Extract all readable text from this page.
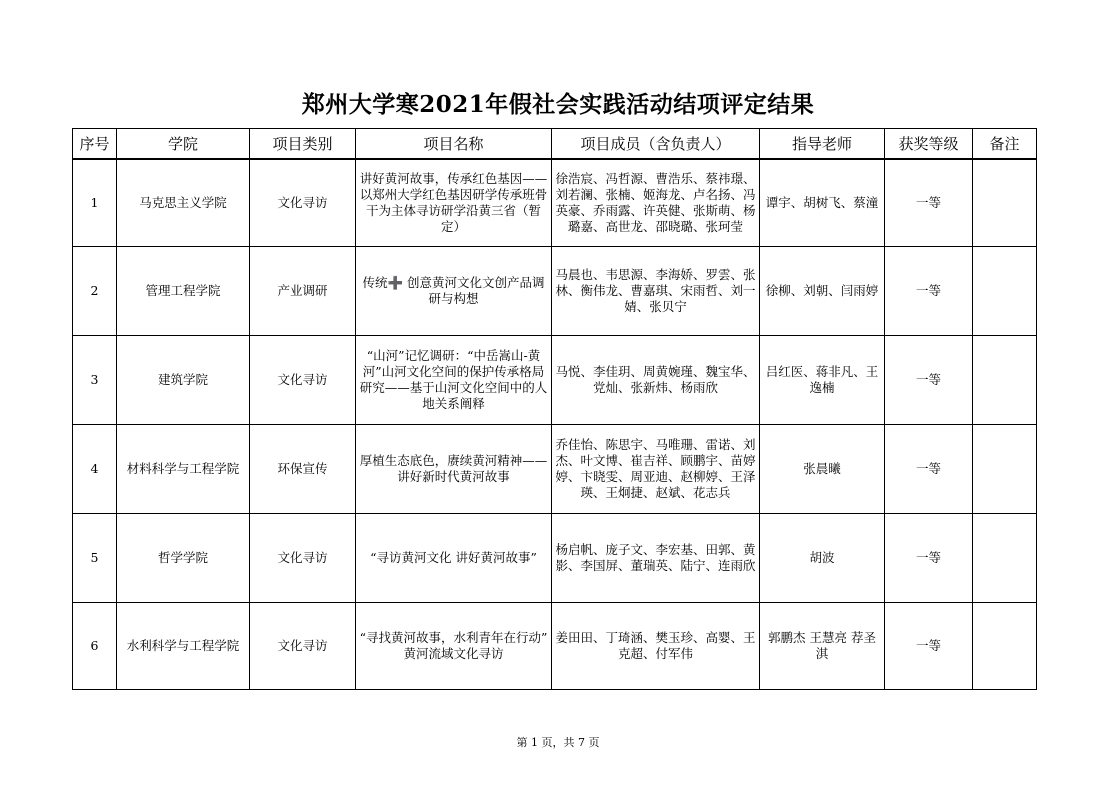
郑州大学寒2021年假社会实践活动结项评定结果
序号	学院	项目类别	项目名称	项目成员（含负责人）	指导老师	获奖等级	备注
1	马克思主义学院	文化寻访	讲好黄河故事，传承红色基因——以郑州大学红色基因研学传承班骨干为主体寻访研学沿黄三省（暂定）	徐浩宸、冯哲源、曹浩乐、蔡祎璟、刘若澜、张楠、姬海龙、卢名扬、冯英豪、乔雨露、许英健、张斯萌、杨璐嘉、高世龙、邵晓璐、张珂莹	谭宇、胡树飞、蔡潼	一等	
2	管理工程学院	产业调研	传统➕ 创意黄河文化文创产品调研与构想	马晨也、韦思源、李海娇、罗雲、张林、衡伟龙、曹嘉琪、宋雨哲、刘一婧、张贝宁	徐柳、刘朝、闫雨婷	一等	
3	建筑学院	文化寻访	“山河”记忆调研：“中岳嵩山-黄河”山河文化空间的保护传承格局研究——基于山河文化空间中的人地关系阐释	马悦、李佳玥、周黄婉瑾、魏宝华、党灿、张新炜、杨雨欣	吕红医、蒋非凡、王逸楠	一等	
4	材料科学与工程学院	环保宣传	厚植生态底色，赓续黄河精神——讲好新时代黄河故事	乔佳怡、陈思宇、马唯珊、雷诺、刘杰、叶文博、崔吉祥、顾鹏宇、苗婷婷、卞晓雯、周亚迪、赵柳婷、王泽瑛、王炯捷、赵斌、花志兵	张晨曦	一等	
5	哲学学院	文化寻访	“寻访黄河文化 讲好黄河故事”	杨启帆、庞子文、李宏基、田郭、黄影、李国屏、董瑞英、陆宁、连雨欣	胡波	一等	
6	水利科学与工程学院	文化寻访	“寻找黄河故事，水利青年在行动” 黄河流域文化寻访	姜田田、丁琦涵、樊玉珍、高婴、王克超、付军伟	郭鹏杰 王慧亮 荐圣淇	一等	
第 1 页，共 7 页
